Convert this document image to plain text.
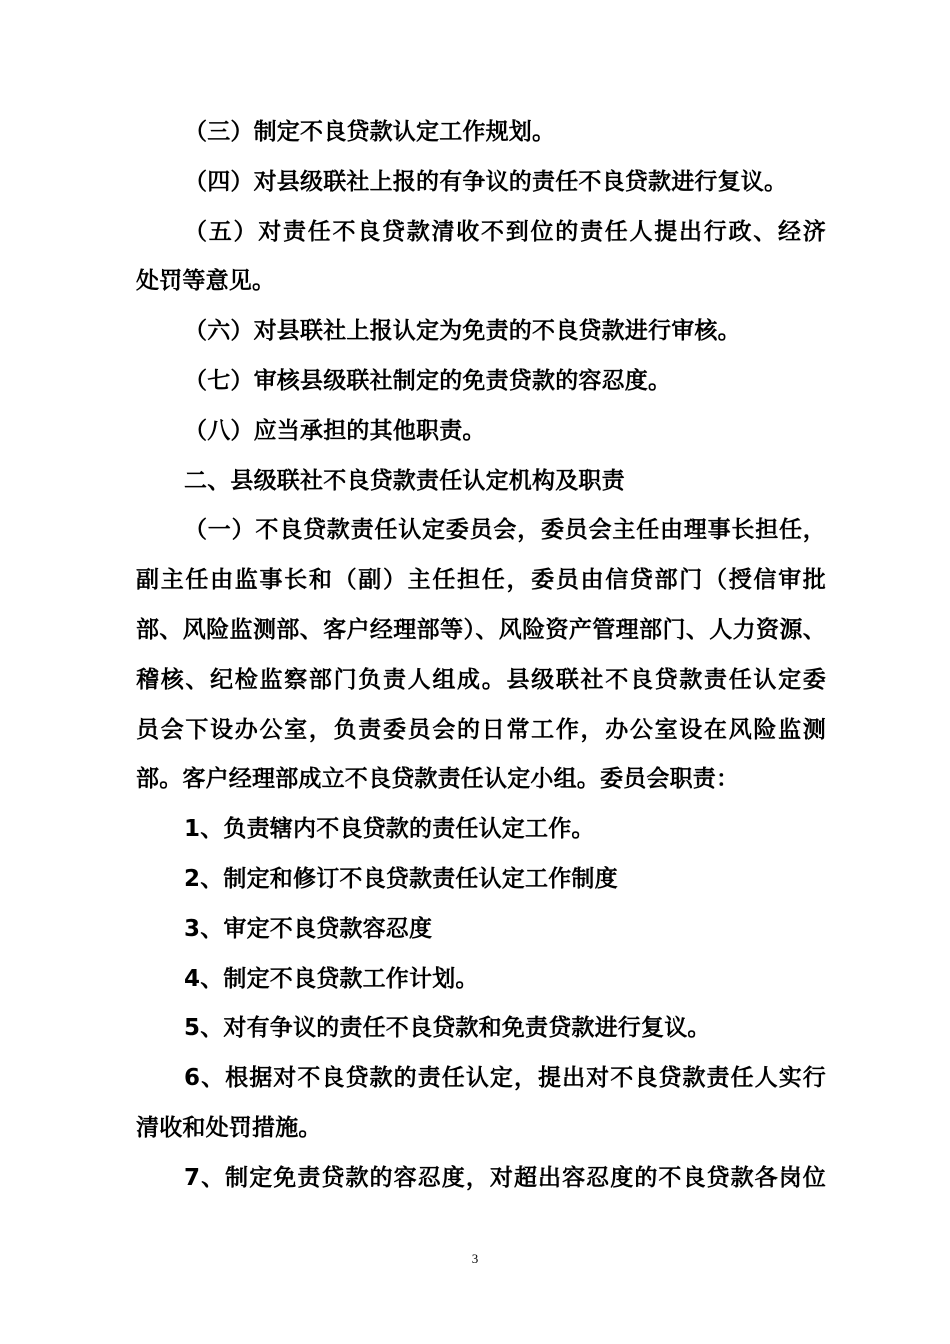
（三）制定不良贷款认定工作规划。
（四）对县级联社上报的有争议的责任不良贷款进行复议。
（五）对责任不良贷款清收不到位的责任人提出行政、经济
处罚等意见。
（六）对县联社上报认定为免责的不良贷款进行审核。
（七）审核县级联社制定的免责贷款的容忍度。
（八）应当承担的其他职责。
二、县级联社不良贷款责任认定机构及职责
（一）不良贷款责任认定委员会，委员会主任由理事长担任，
副主任由监事长和（副）主任担任，委员由信贷部门（授信审批
部、风险监测部、客户经理部等）、风险资产管理部门、人力资源、
稽核、纪检监察部门负责人组成。县级联社不良贷款责任认定委
员会下设办公室，负责委员会的日常工作，办公室设在风险监测
部。客户经理部成立不良贷款责任认定小组。委员会职责：
1、负责辖内不良贷款的责任认定工作。
2、制定和修订不良贷款责任认定工作制度
3、审定不良贷款容忍度
4、制定不良贷款工作计划。
5、对有争议的责任不良贷款和免责贷款进行复议。
6、根据对不良贷款的责任认定，提出对不良贷款责任人实行
清收和处罚措施。
7、制定免责贷款的容忍度，对超出容忍度的不良贷款各岗位
3
